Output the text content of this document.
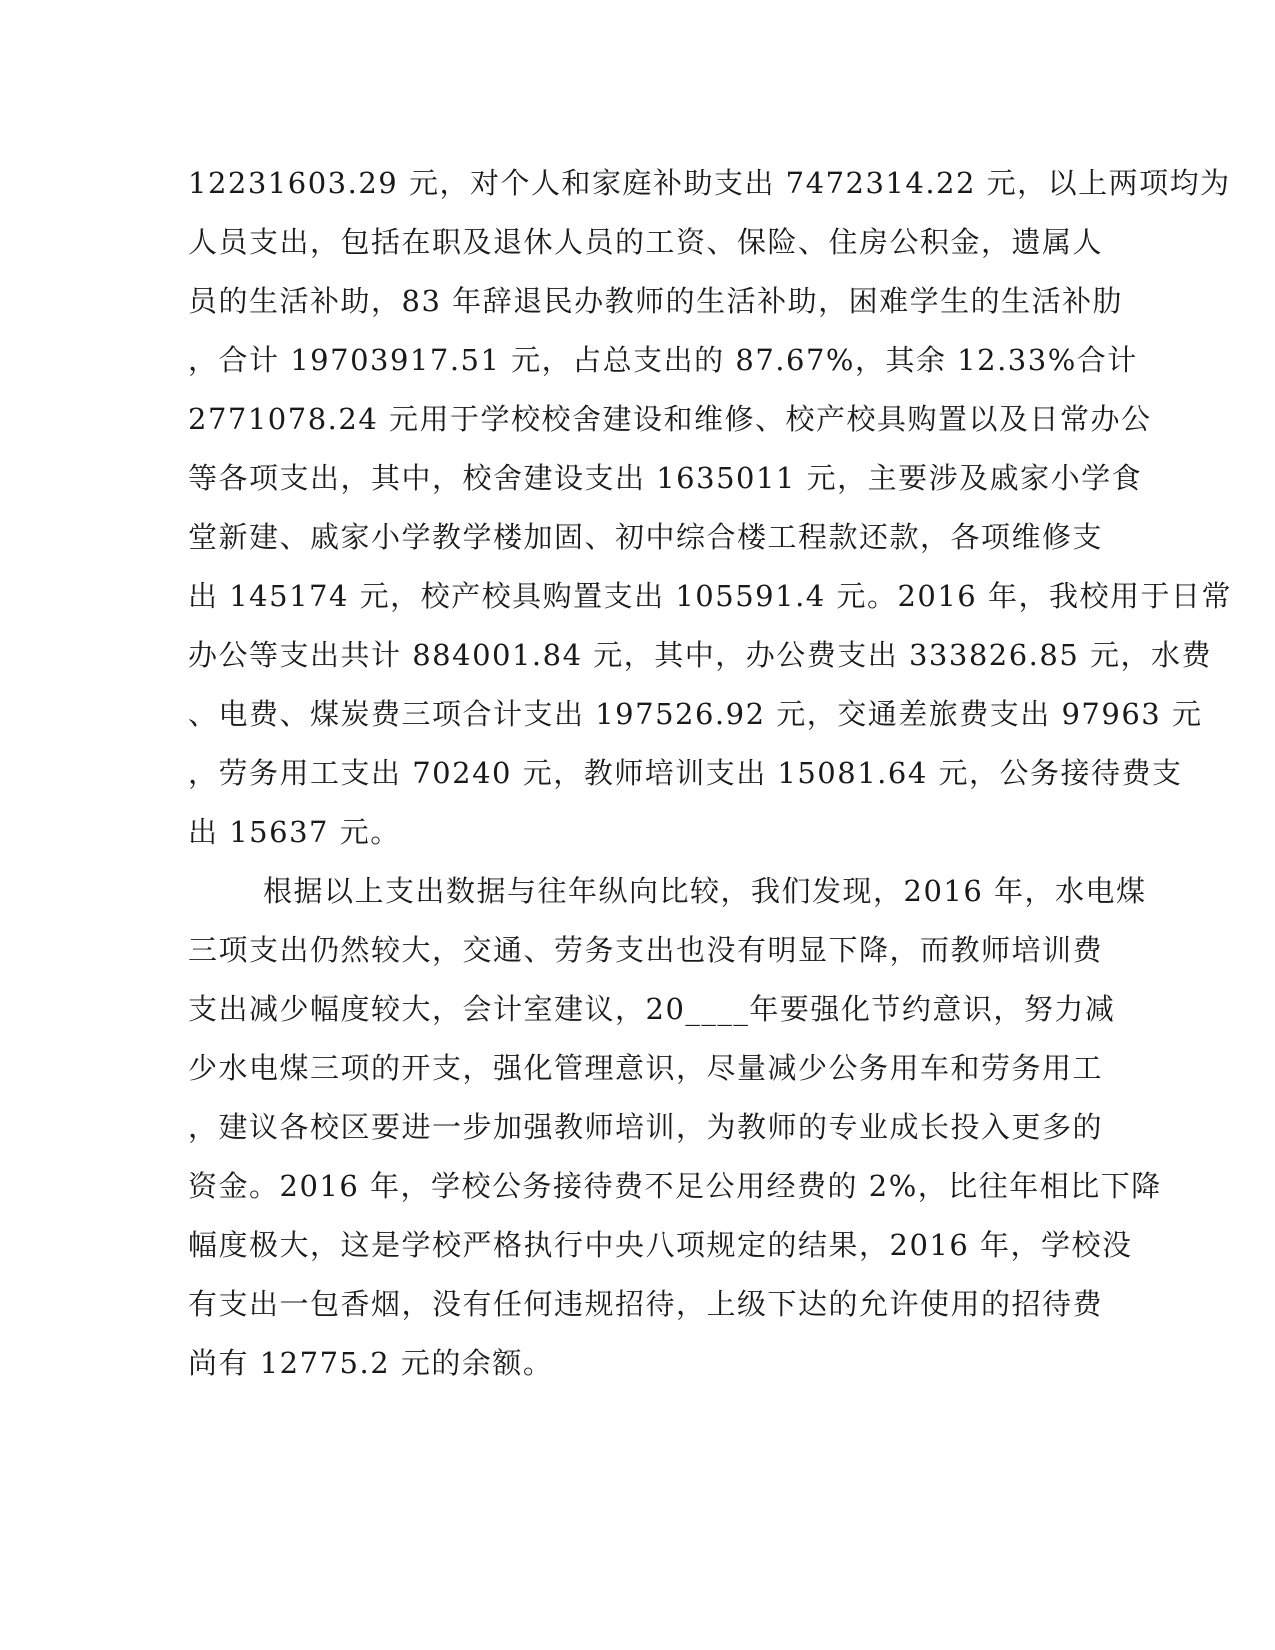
12231603.29 元，对个人和家庭补助支出 7472314.22 元，以上两项均为
人员支出，包括在职及退休人员的工资、保险、住房公积金，遗属人
员的生活补助，83 年辞退民办教师的生活补助，困难学生的生活补肋
，合计 19703917.51 元，占总支出的 87.67%，其余 12.33%合计
2771078.24 元用于学校校舍建设和维修、校产校具购置以及日常办公
等各项支出，其中，校舍建设支出 1635011 元，主要涉及戚家小学食
堂新建、戚家小学教学楼加固、初中综合楼工程款还款，各项维修支
出 145174 元，校产校具购置支出 105591.4 元。2016 年，我校用于日常
办公等支出共计 884001.84 元，其中，办公费支出 333826.85 元，水费
、电费、煤炭费三项合计支出 197526.92 元，交通差旅费支出 97963 元
，劳务用工支出 70240 元，教师培训支出 15081.64 元，公务接待费支
出 15637 元。
根据以上支出数据与往年纵向比较，我们发现，2016 年，水电煤
三项支出仍然较大，交通、劳务支出也没有明显下降，而教师培训费
支出减少幅度较大，会计室建议，20____年要强化节约意识，努力减
少水电煤三项的开支，强化管理意识，尽量减少公务用车和劳务用工
，建议各校区要进一步加强教师培训，为教师的专业成长投入更多的
资金。2016 年，学校公务接待费不足公用经费的 2%，比往年相比下降
幅度极大，这是学校严格执行中央八项规定的结果，2016 年，学校没
有支出一包香烟，没有任何违规招待，上级下达的允许使用的招待费
尚有 12775.2 元的余额。
